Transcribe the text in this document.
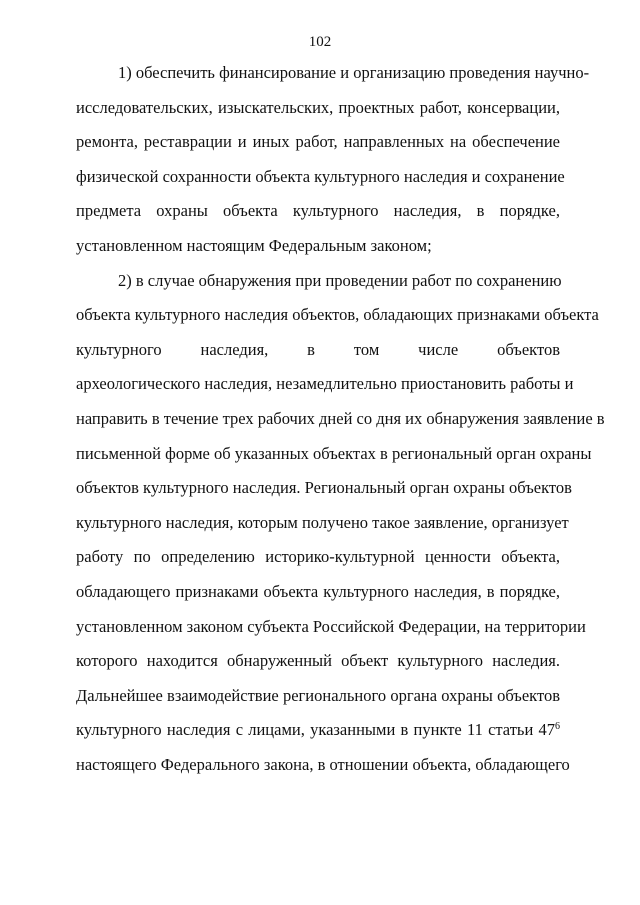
102
1) обеспечить финансирование и организацию проведения научно-
исследовательских, изыскательских, проектных работ, консервации,
ремонта, реставрации и иных работ, направленных на обеспечение
физической сохранности объекта культурного наследия и сохранение
предмета охраны объекта культурного наследия, в порядке,
установленном настоящим Федеральным законом;
2) в случае обнаружения при проведении работ по сохранению
объекта культурного наследия объектов, обладающих признаками объекта
культурного наследия, в том числе объектов
археологического наследия, незамедлительно приостановить работы и
направить в течение трех рабочих дней со дня их обнаружения заявление в
письменной форме об указанных объектах в региональный орган охраны
объектов культурного наследия. Региональный орган охраны объектов
культурного наследия, которым получено такое заявление, организует
работу по определению историко-культурной ценности объекта,
обладающего признаками объекта культурного наследия, в порядке,
установленном законом субъекта Российской Федерации, на территории
которого находится обнаруженный объект культурного наследия.
Дальнейшее взаимодействие регионального органа охраны объектов
культурного наследия с лицами, указанными в пункте 11 статьи $47^6$
настоящего Федерального закона, в отношении объекта, обладающего
